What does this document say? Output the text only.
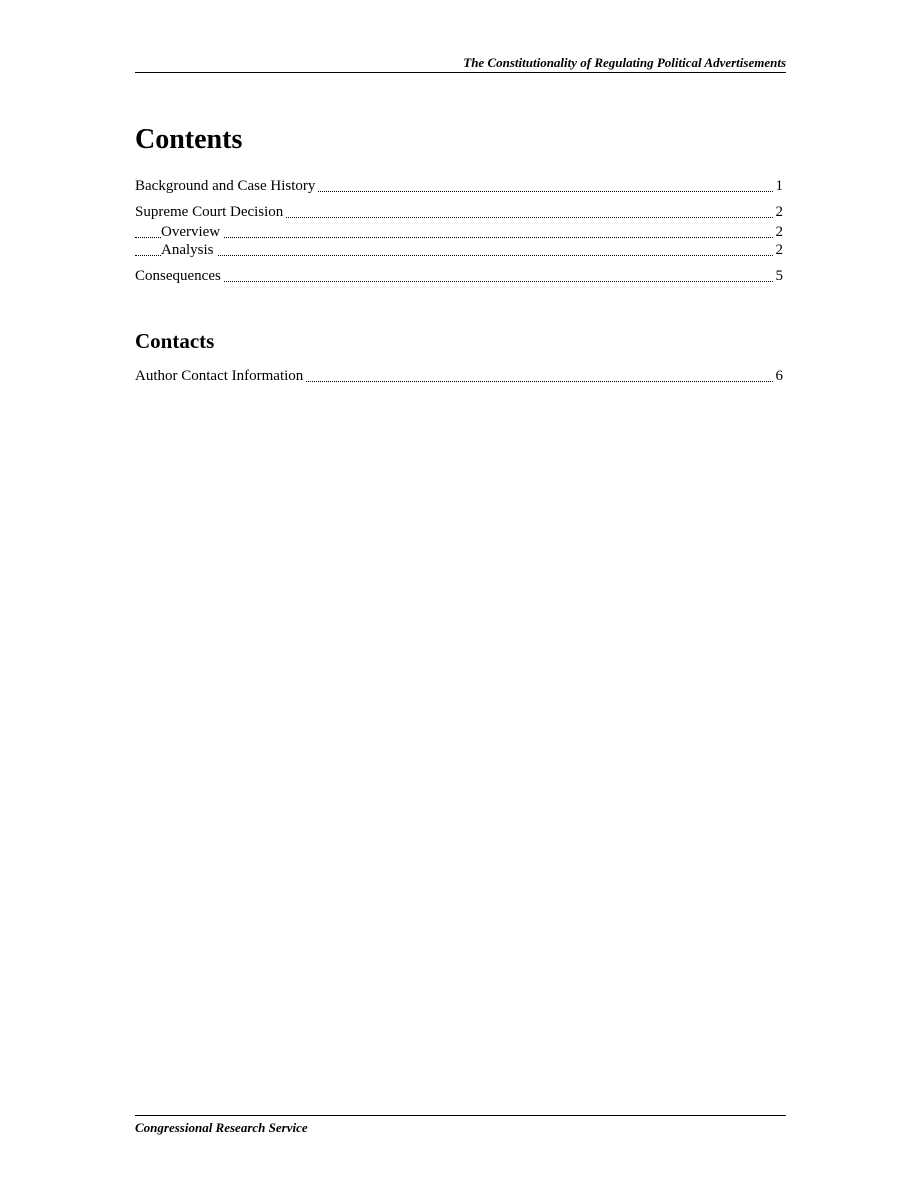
The Constitutionality of Regulating Political Advertisements
Contents
Background and Case History	1
Supreme Court Decision	2
Overview	2
Analysis	2
Consequences	5
Contacts
Author Contact Information	6
Congressional Research Service
